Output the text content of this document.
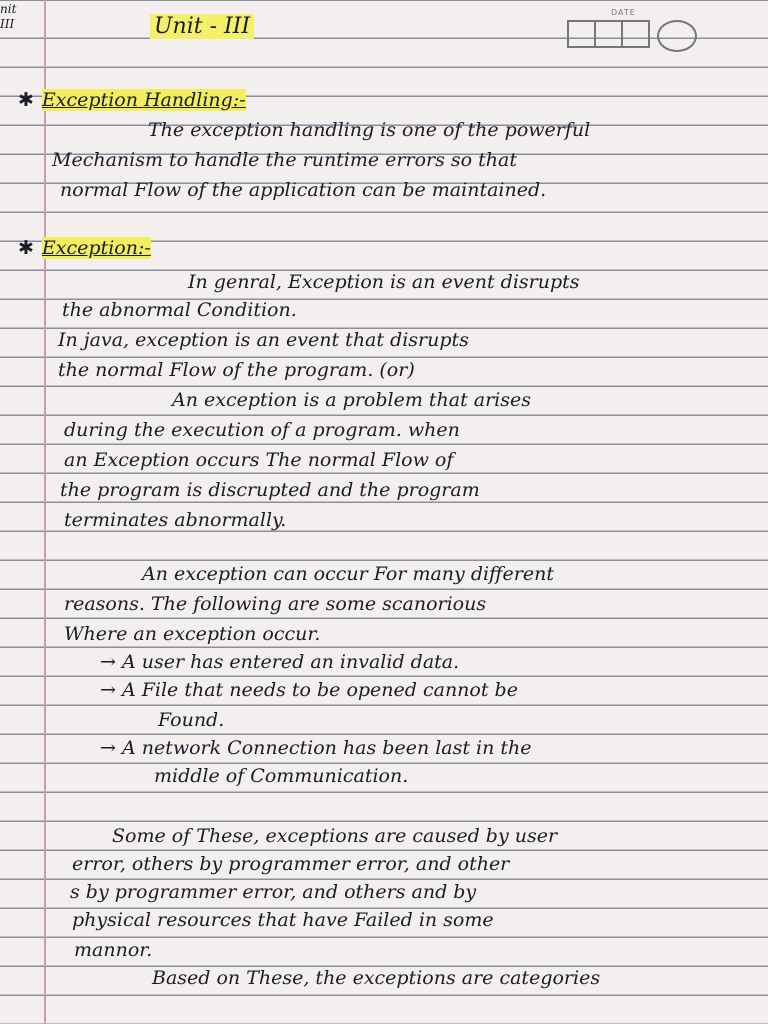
nit
III	Unit - III
DATE
✱ Exception Handling:-
The exception handling is one of the powerful
Mechanism to handle the runtime errors so that
normal Flow of the application can be maintained.
✱ Exception:-
In genral, Exception is an event disrupts
the abnormal Condition.
In java, exception is an event that disrupts
the normal Flow of the program. (or)
An exception is a problem that arises
during the execution of a program. when
an Exception occurs The normal Flow of
the program is discrupted and the program
terminates abnormally.
An exception can occur For many different
reasons. The following are some scanorious
Where an exception occur.
→ A user has entered an invalid data.
→ A File that needs to be opened cannot be
Found.
→ A network Connection has been last in the
middle of Communication.
Some of These, exceptions are caused by user
error, others by programmer error, and other
s by programmer error, and others and by
physical resources that have Failed in some
mannor.
Based on These, the exceptions are categories
